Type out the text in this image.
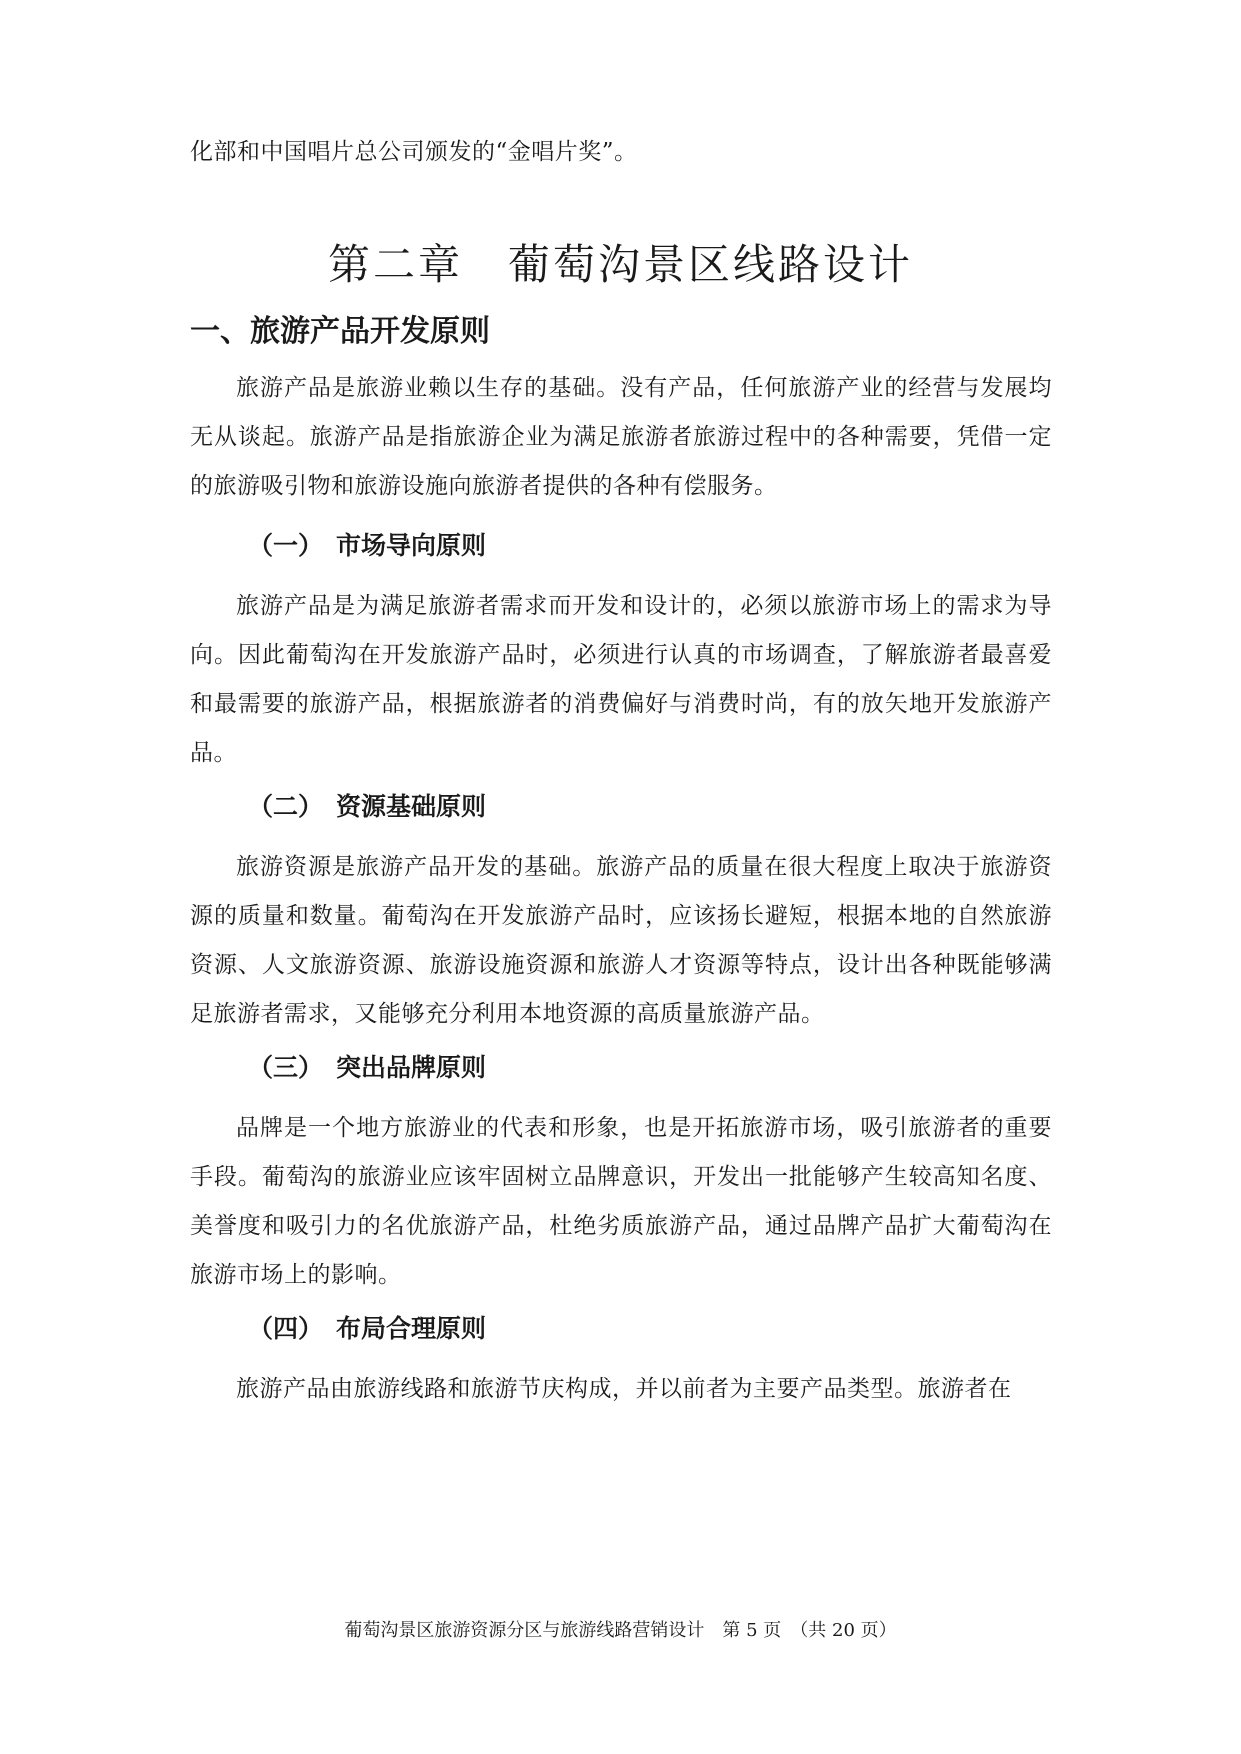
化部和中国唱片总公司颁发的“金唱片奖”。

第二章　葡萄沟景区线路设计
一、旅游产品开发原则

旅游产品是旅游业赖以生存的基础。没有产品，任何旅游产业的经营与发展均无从谈起。旅游产品是指旅游企业为满足旅游者旅游过程中的各种需要，凭借一定的旅游吸引物和旅游设施向旅游者提供的各种有偿服务。

（一） 市场导向原则

旅游产品是为满足旅游者需求而开发和设计的，必须以旅游市场上的需求为导向。因此葡萄沟在开发旅游产品时，必须进行认真的市场调查，了解旅游者最喜爱和最需要的旅游产品，根据旅游者的消费偏好与消费时尚，有的放矢地开发旅游产品。

（二） 资源基础原则

旅游资源是旅游产品开发的基础。旅游产品的质量在很大程度上取决于旅游资源的质量和数量。葡萄沟在开发旅游产品时，应该扬长避短，根据本地的自然旅游资源、人文旅游资源、旅游设施资源和旅游人才资源等特点，设计出各种既能够满足旅游者需求，又能够充分利用本地资源的高质量旅游产品。

（三） 突出品牌原则

品牌是一个地方旅游业的代表和形象，也是开拓旅游市场，吸引旅游者的重要手段。葡萄沟的旅游业应该牢固树立品牌意识，开发出一批能够产生较高知名度、美誉度和吸引力的名优旅游产品，杜绝劣质旅游产品，通过品牌产品扩大葡萄沟在旅游市场上的影响。

（四） 布局合理原则

旅游产品由旅游线路和旅游节庆构成，并以前者为主要产品类型。旅游者在

葡萄沟景区旅游资源分区与旅游线路营销设计　第 5 页　（共 20 页）
